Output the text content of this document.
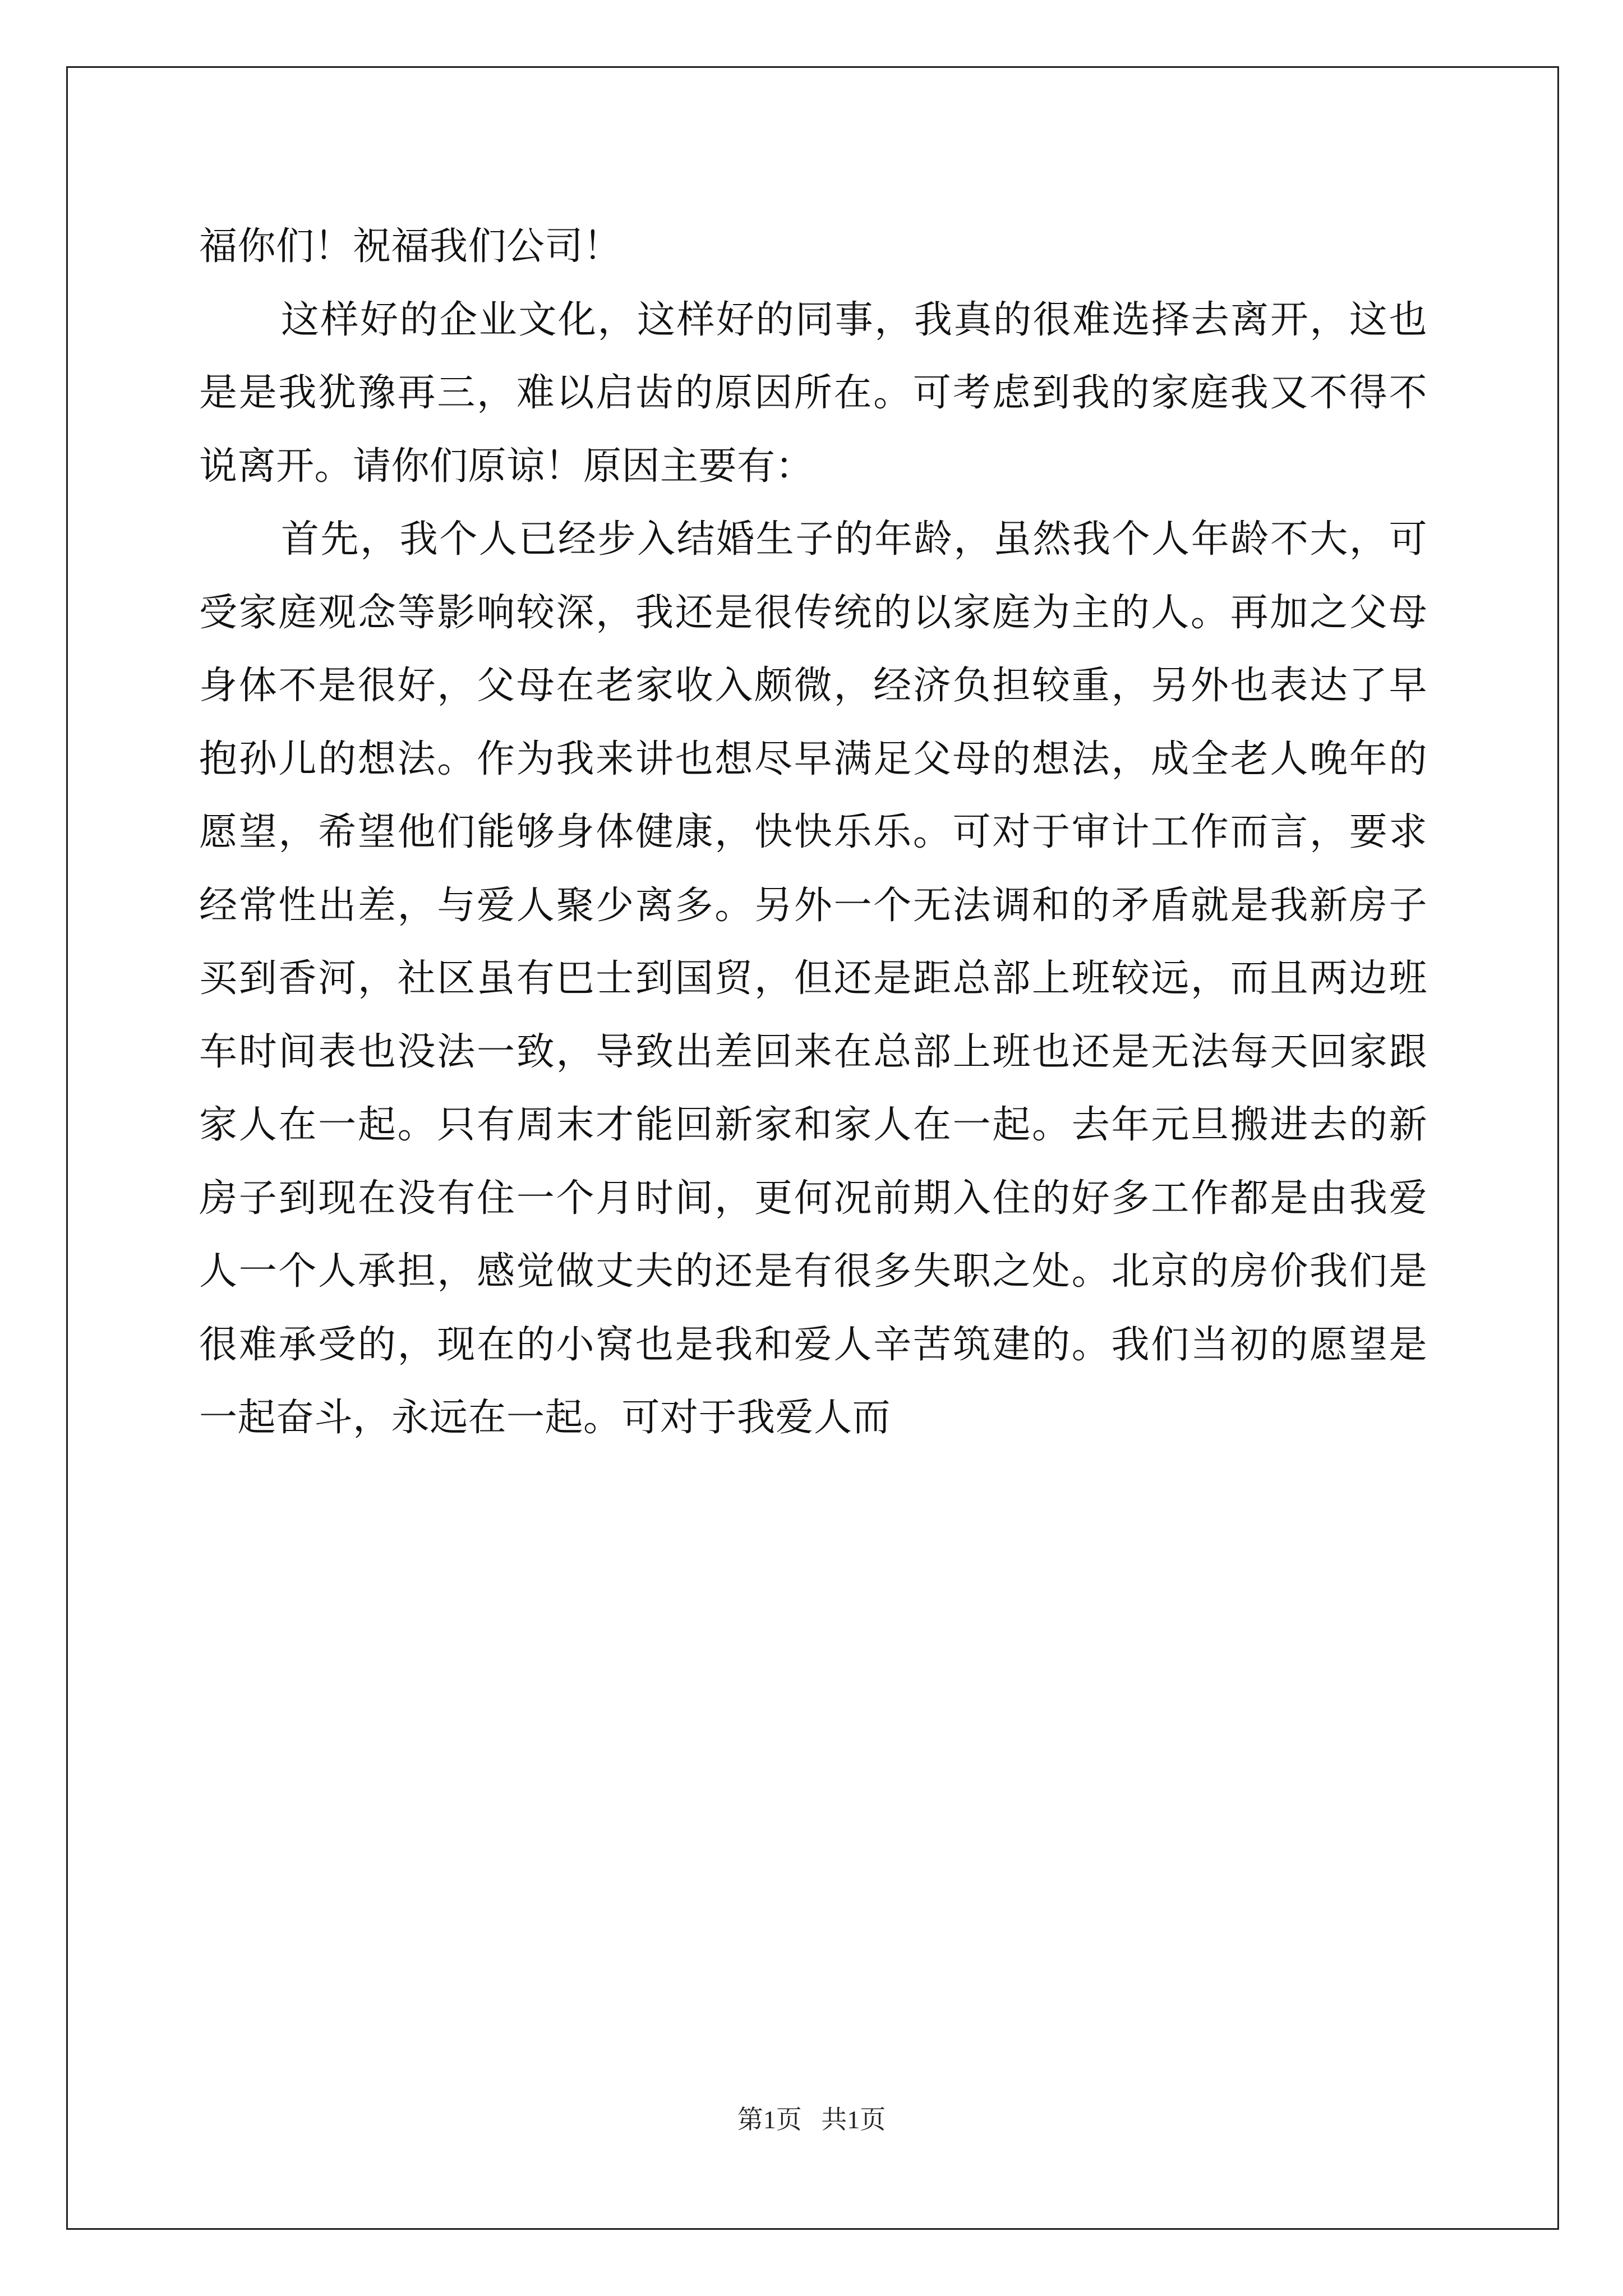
福你们！祝福我们公司！

这样好的企业文化，这样好的同事，我真的很难选择去离开，这也是是我犹豫再三，难以启齿的原因所在。可考虑到我的家庭我又不得不说离开。请你们原谅！原因主要有：

首先，我个人已经步入结婚生子的年龄，虽然我个人年龄不大，可受家庭观念等影响较深，我还是很传统的以家庭为主的人。再加之父母身体不是很好，父母在老家收入颇微，经济负担较重，另外也表达了早抱孙儿的想法。作为我来讲也想尽早满足父母的想法，成全老人晚年的愿望，希望他们能够身体健康，快快乐乐。可对于审计工作而言，要求经常性出差，与爱人聚少离多。另外一个无法调和的矛盾就是我新房子买到香河，社区虽有巴士到国贸，但还是距总部上班较远，而且两边班车时间表也没法一致，导致出差回来在总部上班也还是无法每天回家跟家人在一起。只有周末才能回新家和家人在一起。去年元旦搬进去的新房子到现在没有住一个月时间，更何况前期入住的好多工作都是由我爱人一个人承担，感觉做丈夫的还是有很多失职之处。北京的房价我们是很难承受的，现在的小窝也是我和爱人辛苦筑建的。我们当初的愿望是一起奋斗，永远在一起。可对于我爱人而

第1页   共1页
